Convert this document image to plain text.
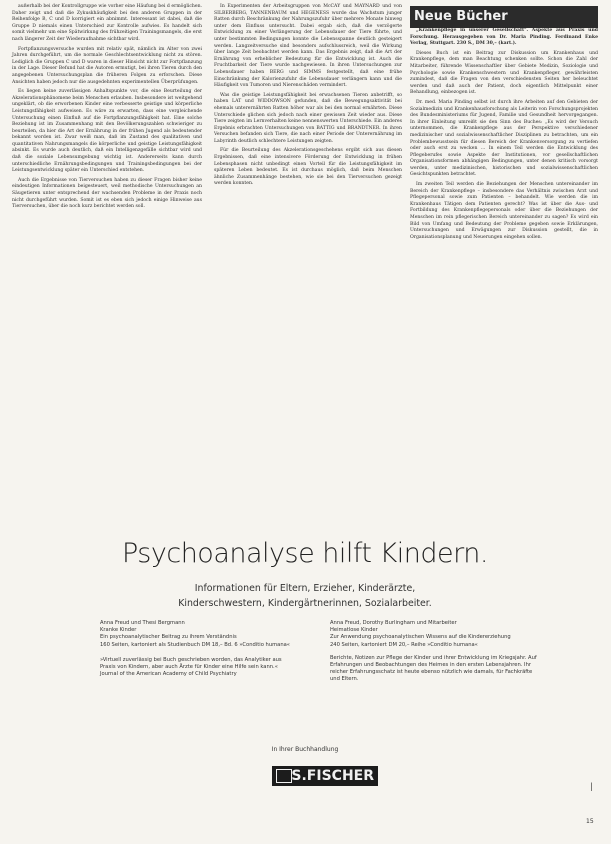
außerhalb bei der Kontrollgruppe wie vorher eine Häufung bei d ermöglichen. Daher zeigt und daß die Zykuskhäufigkeit bei den anderen Gruppen in der Reihenfolge B, C und D korrigiert ein abnimmt. Interessant ist dabei, daß die Gruppe D niemals einen Unterschied zur Kontrolle aufwies. Es handelt sich somit vielmehr um eine Spätwirkung des frühzeitigen Trainingsmangels, die erst nach längerer Zeit der Wiederaufnahme sichtbar wird.

Fortpflanzungsversuche wurden mit relativ spät, nämlich im Alter von zwei Jahren durchgeführt, um die normale Geschlechtsentwicklung nicht zu stören. Lediglich die Gruppen C und D waren in dieser Hinsicht nicht zur Fortpflanzung in der Lage. Dieser Befund hat die Autoren ermutigt, bei ihren Tieren durch den angegebenen Untersuchungsplan die früheren Folgen zu erforschen. Diese Ansichten haben jedoch nur die ausgedehnten experimentellen Überprüfungen.

Es liegen keine zuverlässigen Anhaltspunkte vor, die eine Beurteilung der Akzelerationsphänomene beim Menschen erlauben. Insbesondere ist weitgehend ungeklärt, ob die erworbenen Kinder eine verbesserte geistige und körperliche Leistungsfähigkeit aufweisen. Es wäre zu erwarten, dass eine vergleichende Untersuchung einen Einfluß auf die Fortpflanzungsfähigkeit hat. Eine solche Beziehung ist im Zusammenhang mit den Bevölkerungszahlen schwieriger zu beurteilen, da hier die Art der Ernährung in der frühen Jugend als bedeutender bekannt worden ist. Zwar weiß man, daß im Zustand des qualitativen und quantitativen Nahrungsmangels die körperliche und geistige Leistungsfähigkeit absinkt. Es wurde auch deutlich, daß ein Intelligenzgefälle sichtbar wird und daß die soziale Lebensumgebung wichtig ist. Andererseits kann durch unterschiedliche Ernährungsbedingungen und Trainingsbedingungen bei der Leistungsentwicklung später ein Unterschied entstehen.

Auch die Ergebnisse von Tierversuchen haben zu dieser Fragen bisher keine eindeutigen Informationen beigesteuert, weil methodische Untersuchungen an Säugetieren unter entsprechend der wachsenden Probleme in der Praxis noch nicht durchgeführt wurden. Somit ist es eben sich jedoch einige Hinweise aus Tierversuchen, über die noch kurz berichtet werden soll.

In Experimenten der Arbeitsgruppen von McCAY und MAYNARD und von SILBERBERG, TANNENBAUM und HEGENESS wurde das Wachstum junger Ratten durch Beschränkung der Nahrungszufuhr über mehrere Monate hinweg unter dem Einfluss untersucht. Dabei ergab sich, daß die verzögerte Entwicklung zu einer Verlängerung der Lebensdauer der Tiere führte, und unter bestimmten Bedingungen konnte die Lebensspanne deutlich gesteigert werden. Langzeitversuche sind besonders aufschlussreich, weil die Wirkung über lange Zeit beobachtet werden kann. Das Ergebnis zeigt, daß die Art der Ernährung von erheblicher Bedeutung für die Entwicklung ist. Auch die Fruchtbarkeit der Tiere wurde nachgewiesen. In ihren Untersuchungen zur Lebensdauer haben BERG und SIMMS festgestellt, daß eine frühe Einschränkung der Kalorienzufuhr die Lebensdauer verlängern kann und die Häufigkeit von Tumoren und Nierenschäden vermindert.

Was die geistige Leistungsfähigkeit bei erwachsenen Tieren anbetrifft, so haben LAT und WIDDOWSON gefunden, daß die Bewegungsaktivität bei ehemals unterernährten Ratten höher war als bei den normal ernährten. Diese Unterschiede glichen sich jedoch nach einer gewissen Zeit wieder aus. Diese Tiere zeigten im Lernverhalten keine nennenswerten Unterschiede. Ein anderes Ergebnis erbrachten Untersuchungen von BATTIG und BRANDTNER. In ihren Versuchen befanden sich Tiere, die nach einer Periode der Unterernährung im Labyrinth deutlich schlechtere Leistungen zeigten.

Für die Beurteilung des Akzelerationsgeschehens ergibt sich aus diesen Ergebnissen, daß eine intensivere Förderung der Entwicklung in frühen Lebensphasen nicht unbedingt einen Vorteil für die Leistungsfähigkeit im späteren Leben bedeutet. Es ist durchaus möglich, daß beim Menschen ähnliche Zusammenhänge bestehen, wie sie bei den Tierversuchen gezeigt werden konnten.

Neue Bücher

„Krankenpflege in unserer Gesellschaft". Aspekte aus Praxis und Forschung. Herausgegeben von Dr. Maria Pinding. Ferdinand Enke Verlag, Stuttgart. 230 S., DM 30,– (kart.).

Dieses Buch ist ein Beitrag zur Diskussion um Krankenhaus und Krankenpflege, dem man Beachtung schenken sollte. Schon die Zahl der Mitarbeiter, führende Wissenschaftler über Gebiete Medizin, Soziologie und Psychologie sowie Krankenschwestern und Krankenpfleger, gewährleisten zumindest, daß die Fragen von den verschiedensten Seiten her beleuchtet werden und daß auch der Patient, doch eigentlich Mittelpunkt einer Behandlung, einbezogen ist.

Dr. med. Maria Pinding selbst ist durch ihre Arbeiten auf den Gebieten der Sozialmedizin und Krankenhausforschung als Leiterin von Forschungsprojekten des Bundesministeriums für Jugend, Familie und Gesundheit hervorgegangen. In ihrer Einleitung umreißt sie den Sinn des Buches: „Es wird der Versuch unternommen, die Krankenpflege aus der Perspektive verschiedener medizinischer und sozialwissenschaftlicher Disziplinen zu betrachten, um ein Problembewusstsein für diesen Bereich der Krankenversorgung zu vertiefen oder auch erst zu wecken … In einem Teil werden die Entwicklung des Pflegeberufes sowie Aspekte der Institutionen, vor gesellschaftlichen Organisationsformen abhängigen Bedingungen, unter denen kritisch vorsorgt werden, unter medizinischen, historischen und sozialwissenschaftlichen Gesichtspunkten betrachtet.

Im zweiten Teil werden die Beziehungen der Menschen untereinander im Bereich der Krankenpflege – insbesondere das Verhältnis zwischen Arzt und Pflegepersonal sowie zum Patienten – behandelt. Wie werden die im Krankenhaus Tätigen dem Patienten gerecht? Was ist über die Aus- und Fortbildung des Krankenpflegepersonals oder über die Beziehungen der Menschen im rein pflegerischen Bereich untereinander zu sagen? Es wird ein Bild von Umfang und Bedeutung der Probleme gegeben sowie Erklärungen, Untersuchungen und Erwägungen zur Diskussion gestellt, die in Organisationsplanung und Neuerungen eingehen sollen.

Psychoanalyse hilft Kindern.
Informationen für Eltern, Erzieher, Kinderärzte,
Kinderschwestern, Kindergärtnerinnen, Sozialarbeiter.
Anna Freud und Thesi Bergmann
Kranke Kinder
Ein psychoanalytischer Beitrag zu ihrem Verständnis
160 Seiten, kartoniert als Studienbuch DM 18,– Bd. 6 »Conditio humana«
»Virtuell zuverlässig bei Buch geschrieben worden, das Analytiker aus Praxis von Kindern, aber auch Ärzte für Kinder eine Hilfe sein kann.« Journal of the American Academy of Child Psychiatry
Anna Freud, Dorothy Burlingham und Mitarbeiter
Heimatlose Kinder
Zur Anwendung psychoanalytischen Wissens auf die Kindererziehung
240 Seiten, kartoniert DM 20,– Reihe »Conditio humana«
Berichte, Notizen zur Pflege der Kinder und ihrer Entwicklung im Kriegsjahr. Auf Erfahrungen und Beobachtungen des Heimes in den ersten Lebensjahren. Ihr reicher Erfahrungsschatz ist heute ebenso nützlich wie damals, für Fachkräfte und Eltern.
In Ihrer Buchhandlung
S.FISCHER
|
15
